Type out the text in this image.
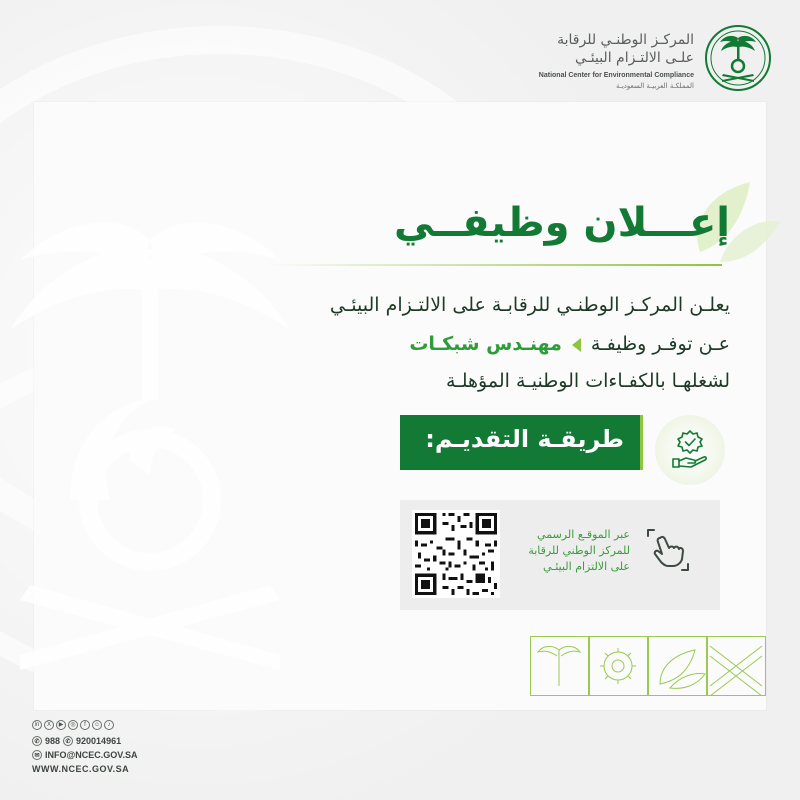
المركـز الوطنـي للرقابة
علـى الالتـزام البيئـي
National Center for Environmental Compliance
المملكـة العربيـة السعوديـة
إعـــلان وظيفــي
يعلـن المركـز الوطنـي للرقابـة على الالتـزام البيئـي
عـن توفـر وظيفـةمهنـدس شبكـات
لشغلهـا بالكفـاءات الوطنيـة المؤهلـة
طريقـة التقديـم:
عبر الموقـع الرسمي
للمركز الوطني للرقابة
على الالتزام البيئـي
in	X	▶	◎	f	☺	♪
✆ 988 ✆ 920014961
✉ INFO@NCEC.GOV.SA
WWW.NCEC.GOV.SA
